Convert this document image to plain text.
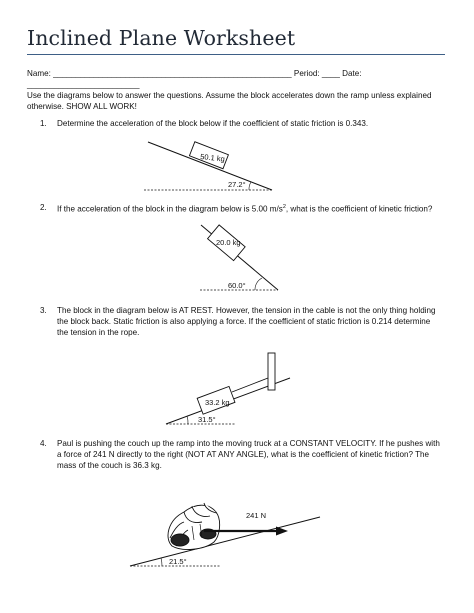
Inclined Plane Worksheet
Name: _____________________________________________________ Period: ____ Date: _________________________
Use the diagrams below to answer the questions. Assume the block accelerates down the ramp unless explained otherwise. SHOW ALL WORK!
1. Determine the acceleration of the block below if the coefficient of static friction is 0.343.
50.1 kg
27.2°
2. If the acceleration of the block in the diagram below is 5.00 $m/s^2$, what is the coefficient of kinetic friction?
20.0 kg
60.0°
3. The block in the diagram below is AT REST. However, the tension in the cable is not the only thing holding the block back. Static friction is also applying a force. If the coefficient of static friction is 0.214 determine the tension in the rope.
33.2 kg
31.5°
4. Paul is pushing the couch up the ramp into the moving truck at a CONSTANT VELOCITY. If he pushes with a force of 241 N directly to the right (NOT AT ANY ANGLE), what is the coefficient of kinetic friction? The mass of the couch is 36.3 kg.
241 N
21.5°
